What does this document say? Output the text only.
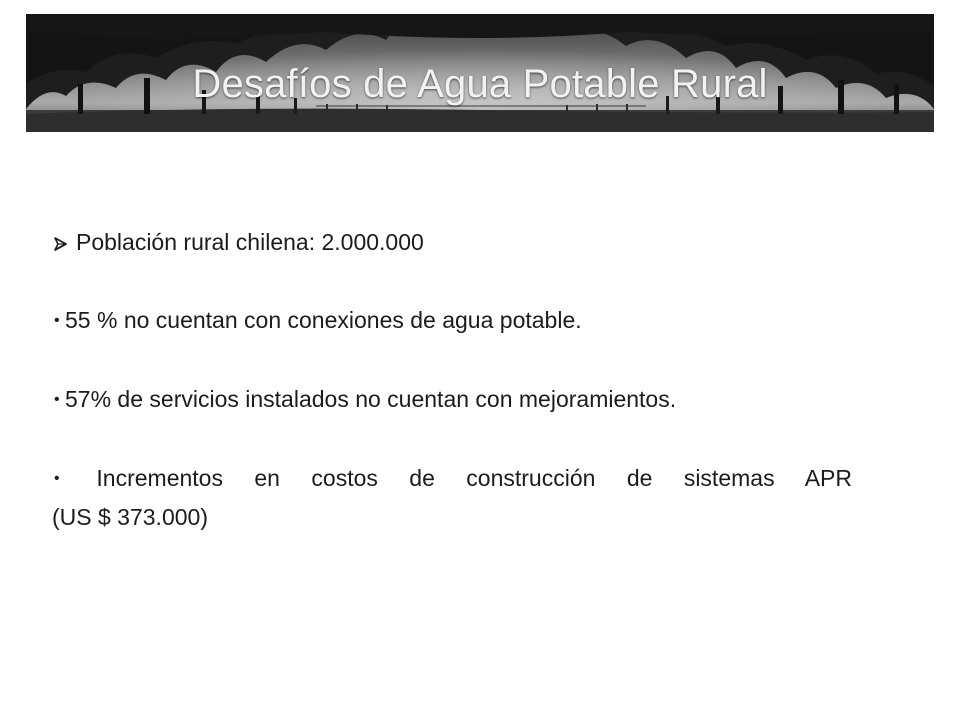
Desafíos de Agua Potable Rural

Población rural chilena: 2.000.000

• 55 % no cuentan con conexiones de agua potable.

• 57% de servicios instalados no cuentan con mejoramientos.

• Incrementos en costos de construcción de sistemas APR
(US $ 373.000)
